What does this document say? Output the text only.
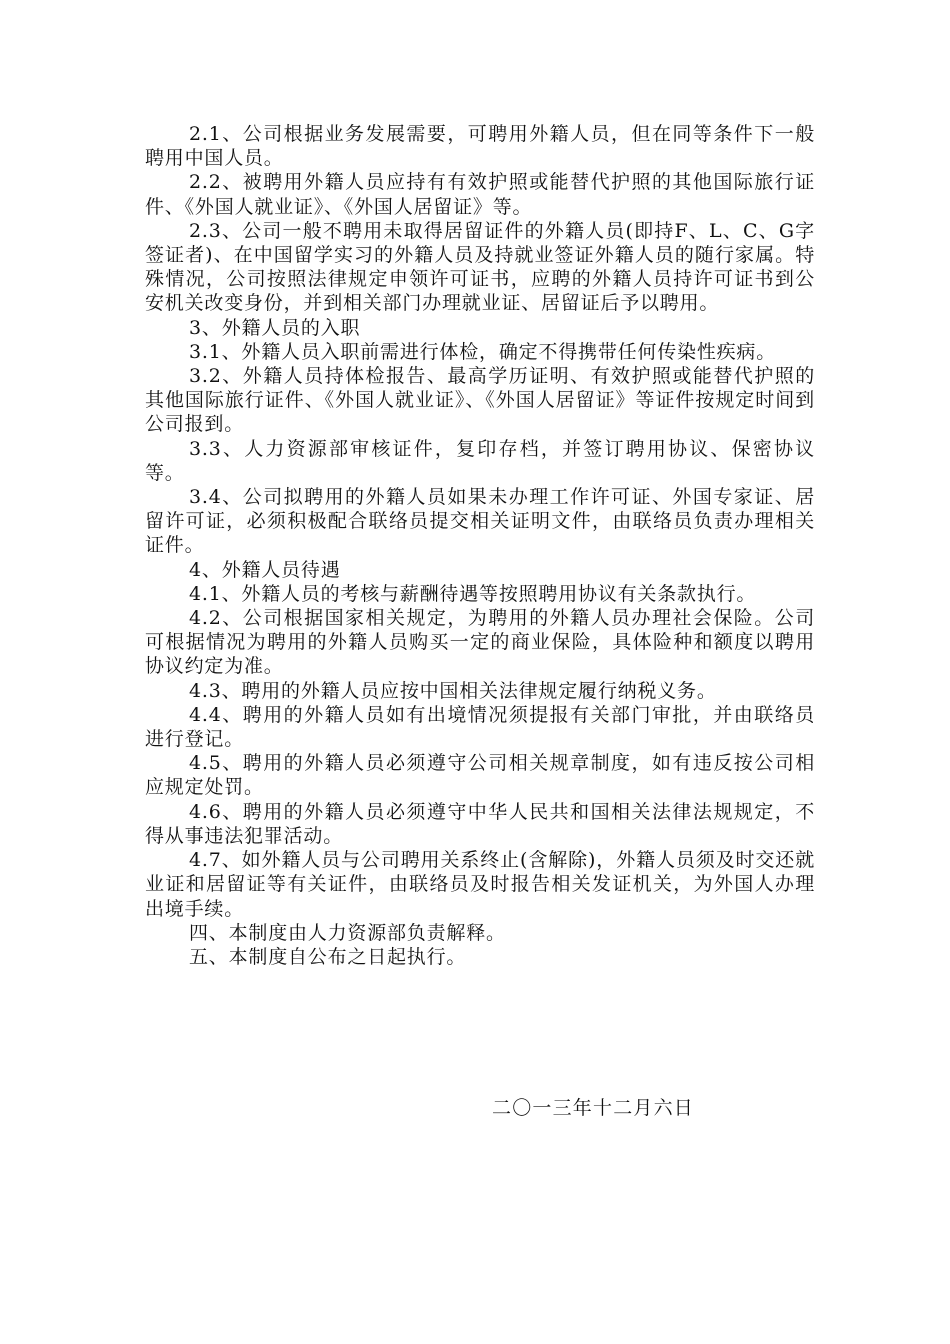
2.1、公司根据业务发展需要，可聘用外籍人员，但在同等条件下一般聘用中国人员。

2.2、被聘用外籍人员应持有有效护照或能替代护照的其他国际旅行证件、《外国人就业证》、《外国人居留证》等。

2.3、公司一般不聘用未取得居留证件的外籍人员(即持F、L、C、G字签证者)、在中国留学实习的外籍人员及持就业签证外籍人员的随行家属。特殊情况，公司按照法律规定申领许可证书，应聘的外籍人员持许可证书到公安机关改变身份，并到相关部门办理就业证、居留证后予以聘用。

3、外籍人员的入职

3.1、外籍人员入职前需进行体检，确定不得携带任何传染性疾病。

3.2、外籍人员持体检报告、最高学历证明、有效护照或能替代护照的其他国际旅行证件、《外国人就业证》、《外国人居留证》等证件按规定时间到公司报到。

3.3、人力资源部审核证件，复印存档，并签订聘用协议、保密协议等。

3.4、公司拟聘用的外籍人员如果未办理工作许可证、外国专家证、居留许可证，必须积极配合联络员提交相关证明文件，由联络员负责办理相关证件。

4、外籍人员待遇

4.1、外籍人员的考核与薪酬待遇等按照聘用协议有关条款执行。

4.2、公司根据国家相关规定，为聘用的外籍人员办理社会保险。公司可根据情况为聘用的外籍人员购买一定的商业保险，具体险种和额度以聘用协议约定为准。

4.3、聘用的外籍人员应按中国相关法律规定履行纳税义务。

4.4、聘用的外籍人员如有出境情况须提报有关部门审批，并由联络员进行登记。

4.5、聘用的外籍人员必须遵守公司相关规章制度，如有违反按公司相应规定处罚。

4.6、聘用的外籍人员必须遵守中华人民共和国相关法律法规规定，不得从事违法犯罪活动。

4.7、如外籍人员与公司聘用关系终止(含解除)，外籍人员须及时交还就业证和居留证等有关证件，由联络员及时报告相关发证机关，为外国人办理出境手续。

四、本制度由人力资源部负责解释。

五、本制度自公布之日起执行。

二〇一三年十二月六日
